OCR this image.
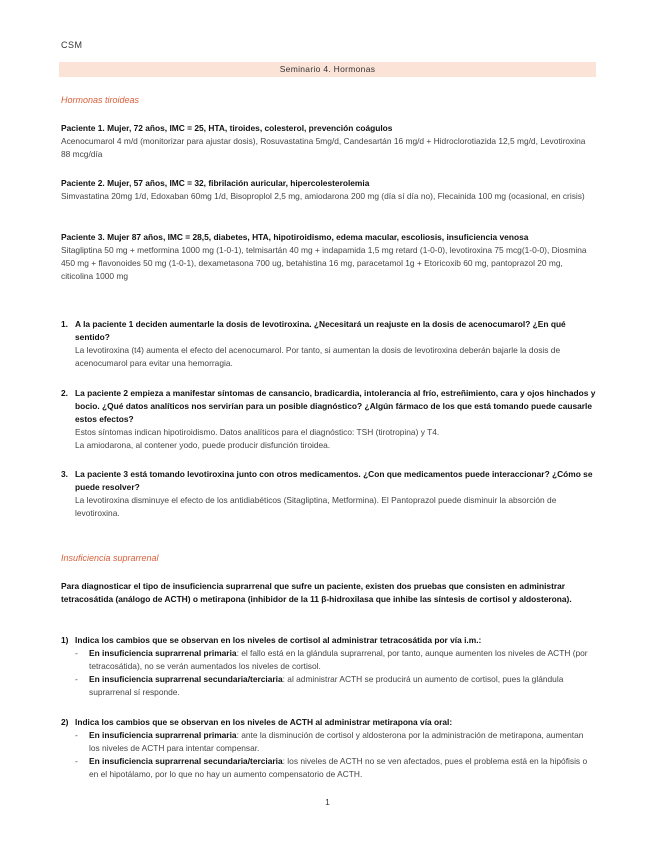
CSM
Seminario 4. Hormonas
Hormonas tiroideas
Paciente 1. Mujer, 72 años, IMC = 25, HTA, tiroides, colesterol, prevención coágulos
Acenocumarol 4 m/d (monitorizar para ajustar dosis), Rosuvastatina 5mg/d, Candesartán 16 mg/d + Hidroclorotiazida 12,5 mg/d, Levotiroxina 88 mcg/día
Paciente 2. Mujer, 57 años, IMC = 32, fibrilación auricular, hipercolesterolemia
Simvastatina 20mg 1/d, Edoxaban 60mg 1/d, Bisoproplol 2,5 mg, amiodarona 200 mg (día sí día no), Flecainida 100 mg (ocasional, en crisis)
Paciente 3. Mujer 87 años, IMC = 28,5, diabetes, HTA, hipotiroidismo, edema macular, escoliosis, insuficiencia venosa
Sitagliptina 50 mg + metformina 1000 mg (1-0-1), telmisartán 40 mg + indapamida 1,5 mg retard (1-0-0), levotiroxina 75 mcg(1-0-0), Diosmina 450 mg + flavonoides 50 mg (1-0-1), dexametasona 700 ug, betahistina 16 mg, paracetamol 1g + Etoricoxib 60 mg, pantoprazol 20 mg, citicolina 1000 mg
1. A la paciente 1 deciden aumentarle la dosis de levotiroxina. ¿Necesitará un reajuste en la dosis de acenocumarol? ¿En qué sentido?
La levotiroxina (t4) aumenta el efecto del acenocumarol. Por tanto, si aumentan la dosis de levotiroxina deberán bajarle la dosis de acenocumarol para evitar una hemorragia.
2. La paciente 2 empieza a manifestar síntomas de cansancio, bradicardia, intolerancia al frío, estreñimiento, cara y ojos hinchados y bocio. ¿Qué datos analíticos nos servirían para un posible diagnóstico? ¿Algún fármaco de los que está tomando puede causarle estos efectos?
Estos síntomas indican hipotiroidismo. Datos analíticos para el diagnóstico: TSH (tirotropina) y T4.
La amiodarona, al contener yodo, puede producir disfunción tiroidea.
3. La paciente 3 está tomando levotiroxina junto con otros medicamentos. ¿Con que medicamentos puede interaccionar? ¿Cómo se puede resolver?
La levotiroxina disminuye el efecto de los antidiabéticos (Sitagliptina, Metformina). El Pantoprazol puede disminuir la absorción de levotiroxina.
Insuficiencia suprarrenal
Para diagnosticar el tipo de insuficiencia suprarrenal que sufre un paciente, existen dos pruebas que consisten en administrar tetracosátida (análogo de ACTH) o metirapona (inhibidor de la 11 β-hidroxilasa que inhibe las síntesis de cortisol y aldosterona).
1) Indica los cambios que se observan en los niveles de cortisol al administrar tetracosátida por vía i.m.:
- En insuficiencia suprarrenal primaria: el fallo está en la glándula suprarrenal, por tanto, aunque aumenten los niveles de ACTH (por tetracosátida), no se verán aumentados los niveles de cortisol.
- En insuficiencia suprarrenal secundaria/terciaria: al administrar ACTH se producirá un aumento de cortisol, pues la glándula suprarrenal sí responde.
2) Indica los cambios que se observan en los niveles de ACTH al administrar metirapona vía oral:
- En insuficiencia suprarrenal primaria: ante la disminución de cortisol y aldosterona por la administración de metirapona, aumentan los niveles de ACTH para intentar compensar.
- En insuficiencia suprarrenal secundaria/terciaria: los niveles de ACTH no se ven afectados, pues el problema está en la hipófisis o en el hipotálamo, por lo que no hay un aumento compensatorio de ACTH.
1
